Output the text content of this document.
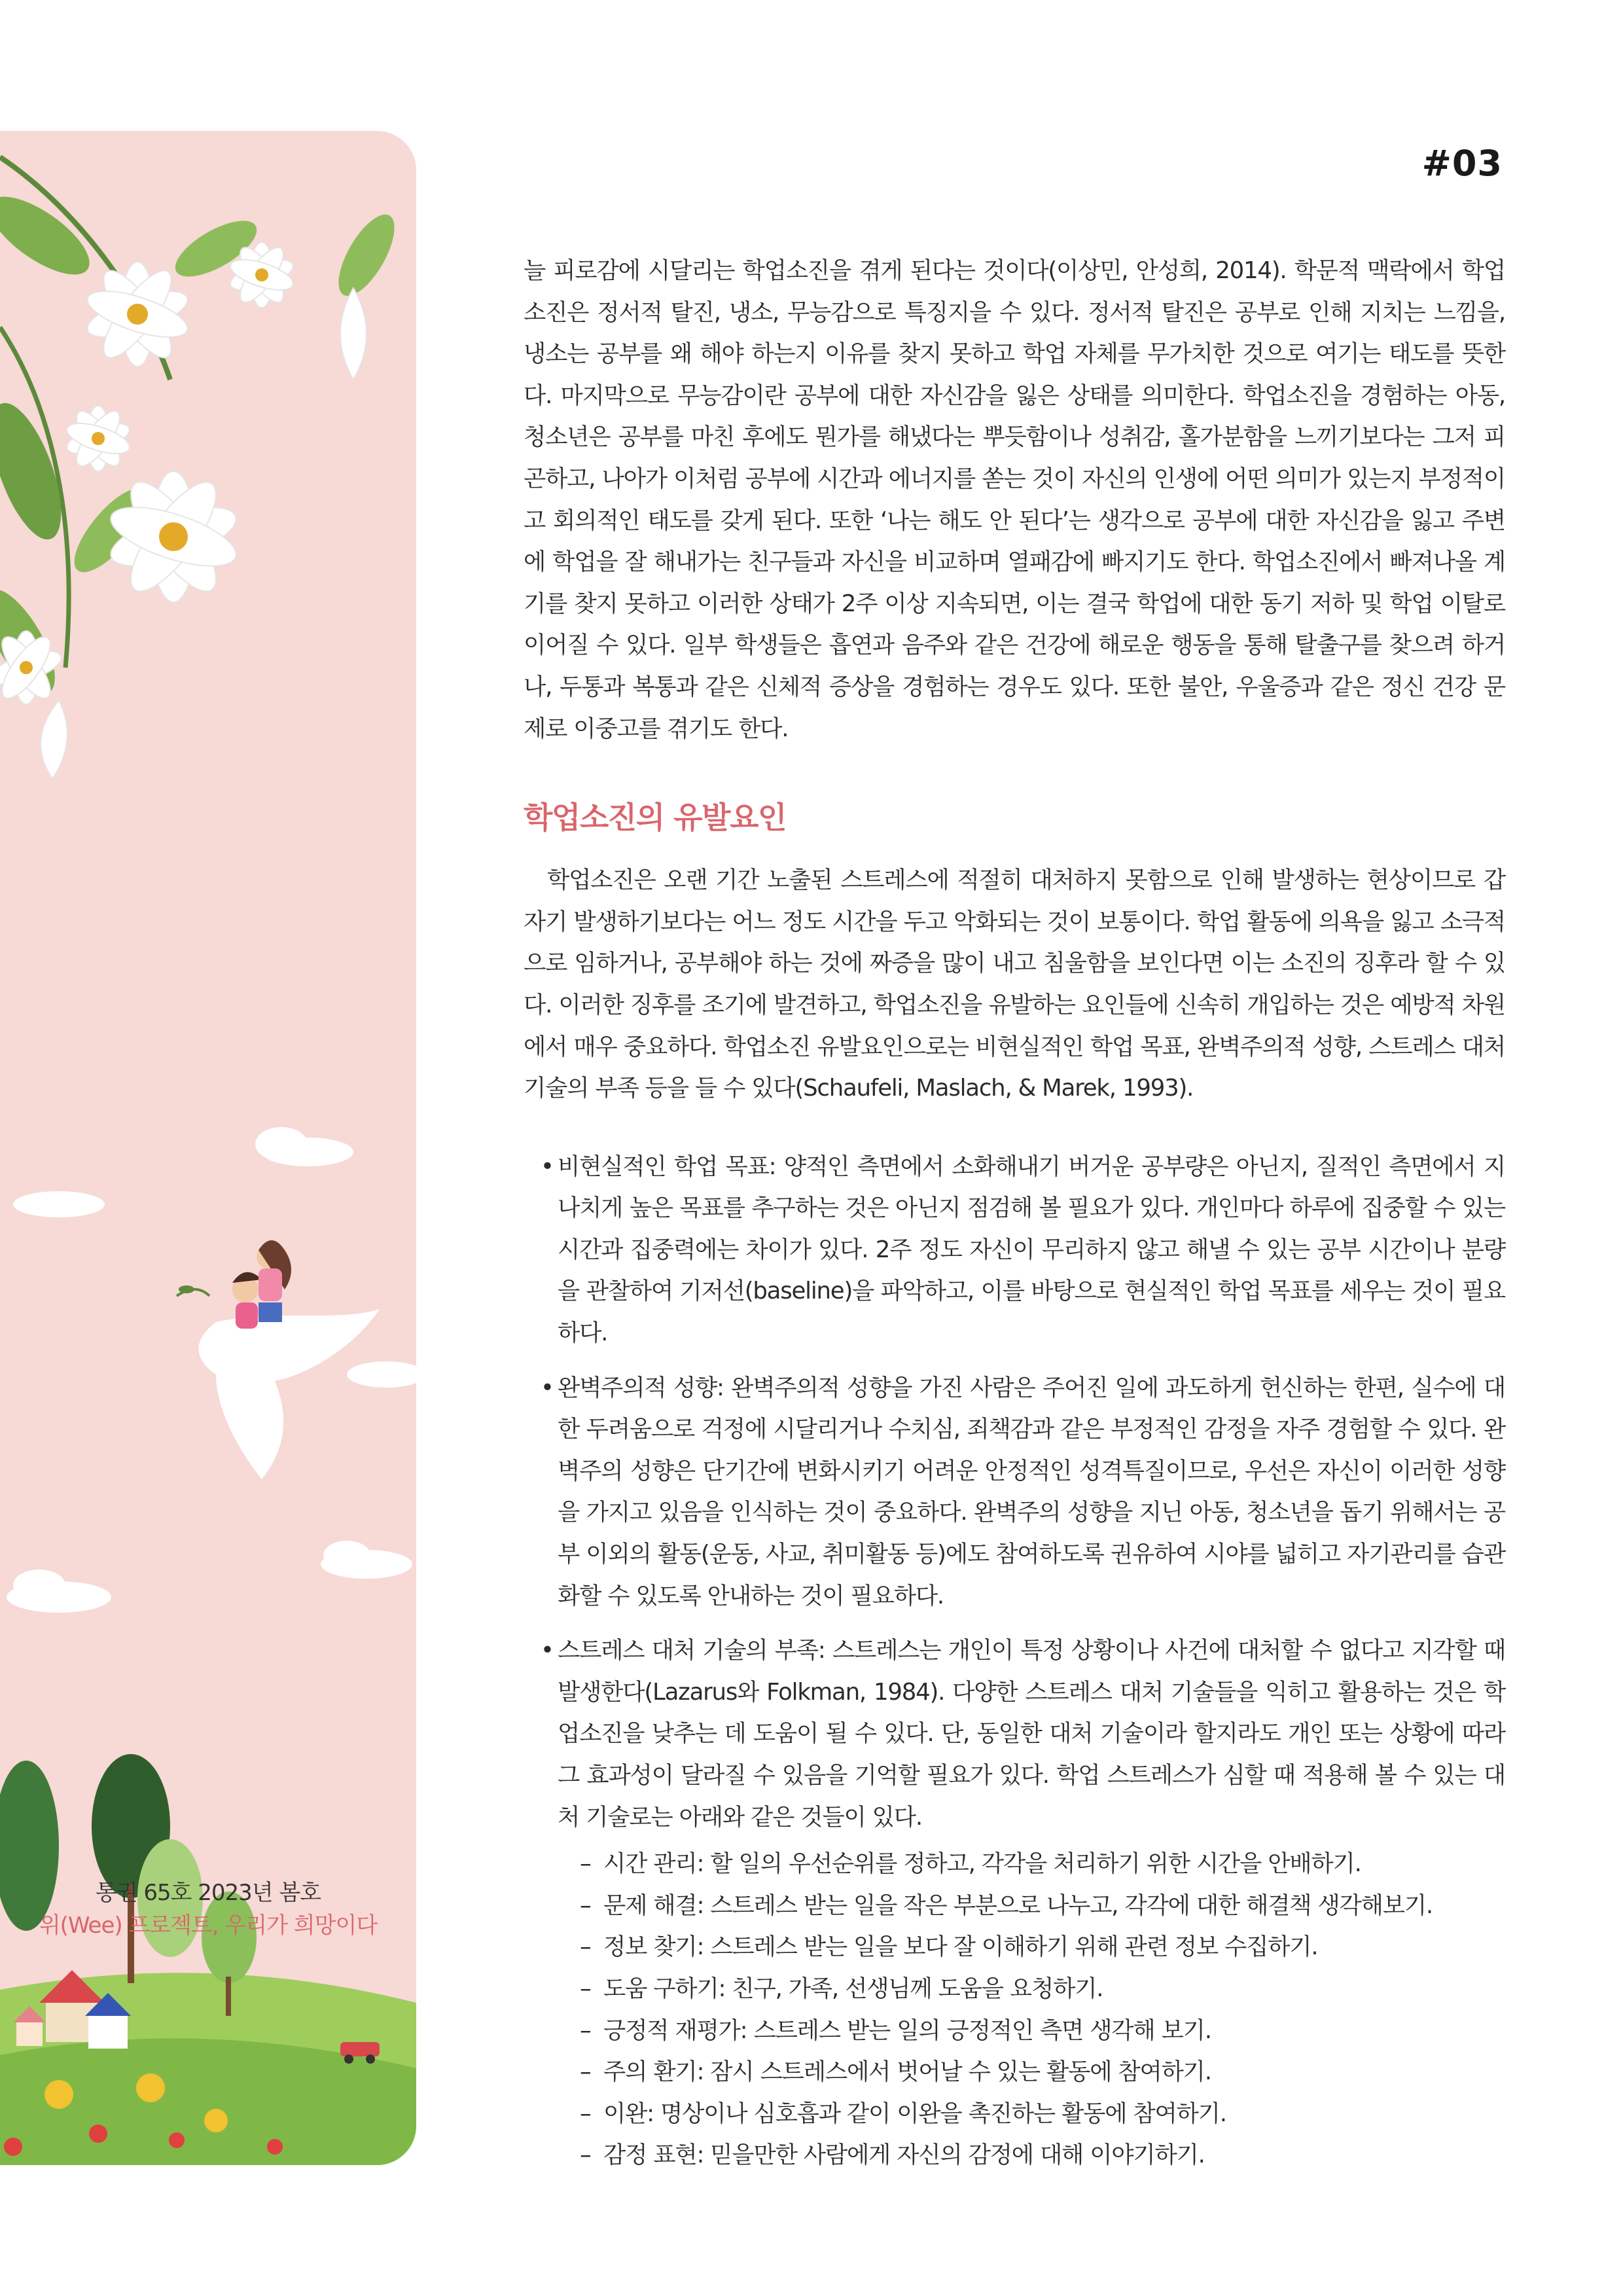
통권 65호 2023년 봄호
위(Wee) 프로젝트, 우리가 희망이다
#03

늘 피로감에 시달리는 학업소진을 겪게 된다는 것이다(이상민, 안성희, 2014). 학문적 맥락에서 학업소진은 정서적 탈진, 냉소, 무능감으로 특징지을 수 있다. 정서적 탈진은 공부로 인해 지치는 느낌을, 냉소는 공부를 왜 해야 하는지 이유를 찾지 못하고 학업 자체를 무가치한 것으로 여기는 태도를 뜻한다. 마지막으로 무능감이란 공부에 대한 자신감을 잃은 상태를 의미한다. 학업소진을 경험하는 아동, 청소년은 공부를 마친 후에도 뭔가를 해냈다는 뿌듯함이나 성취감, 홀가분함을 느끼기보다는 그저 피곤하고, 나아가 이처럼 공부에 시간과 에너지를 쏟는 것이 자신의 인생에 어떤 의미가 있는지 부정적이고 회의적인 태도를 갖게 된다. 또한 ‘나는 해도 안 된다’는 생각으로 공부에 대한 자신감을 잃고 주변에 학업을 잘 해내가는 친구들과 자신을 비교하며 열패감에 빠지기도 한다. 학업소진에서 빠져나올 계기를 찾지 못하고 이러한 상태가 2주 이상 지속되면, 이는 결국 학업에 대한 동기 저하 및 학업 이탈로 이어질 수 있다. 일부 학생들은 흡연과 음주와 같은 건강에 해로운 행동을 통해 탈출구를 찾으려 하거나, 두통과 복통과 같은 신체적 증상을 경험하는 경우도 있다. 또한 불안, 우울증과 같은 정신 건강 문제로 이중고를 겪기도 한다.

학업소진의 유발요인

학업소진은 오랜 기간 노출된 스트레스에 적절히 대처하지 못함으로 인해 발생하는 현상이므로 갑자기 발생하기보다는 어느 정도 시간을 두고 악화되는 것이 보통이다. 학업 활동에 의욕을 잃고 소극적으로 임하거나, 공부해야 하는 것에 짜증을 많이 내고 침울함을 보인다면 이는 소진의 징후라 할 수 있다. 이러한 징후를 조기에 발견하고, 학업소진을 유발하는 요인들에 신속히 개입하는 것은 예방적 차원에서 매우 중요하다. 학업소진 유발요인으로는 비현실적인 학업 목표, 완벽주의적 성향, 스트레스 대처기술의 부족 등을 들 수 있다(Schaufeli, Maslach, & Marek, 1993).

• 비현실적인 학업 목표: 양적인 측면에서 소화해내기 버거운 공부량은 아닌지, 질적인 측면에서 지나치게 높은 목표를 추구하는 것은 아닌지 점검해 볼 필요가 있다. 개인마다 하루에 집중할 수 있는 시간과 집중력에는 차이가 있다. 2주 정도 자신이 무리하지 않고 해낼 수 있는 공부 시간이나 분량을 관찰하여 기저선(baseline)을 파악하고, 이를 바탕으로 현실적인 학업 목표를 세우는 것이 필요하다.
• 완벽주의적 성향: 완벽주의적 성향을 가진 사람은 주어진 일에 과도하게 헌신하는 한편, 실수에 대한 두려움으로 걱정에 시달리거나 수치심, 죄책감과 같은 부정적인 감정을 자주 경험할 수 있다. 완벽주의 성향은 단기간에 변화시키기 어려운 안정적인 성격특질이므로, 우선은 자신이 이러한 성향을 가지고 있음을 인식하는 것이 중요하다. 완벽주의 성향을 지닌 아동, 청소년을 돕기 위해서는 공부 이외의 활동(운동, 사교, 취미활동 등)에도 참여하도록 권유하여 시야를 넓히고 자기관리를 습관화할 수 있도록 안내하는 것이 필요하다.
• 스트레스 대처 기술의 부족: 스트레스는 개인이 특정 상황이나 사건에 대처할 수 없다고 지각할 때 발생한다(Lazarus와 Folkman, 1984). 다양한 스트레스 대처 기술들을 익히고 활용하는 것은 학업소진을 낮추는 데 도움이 될 수 있다. 단, 동일한 대처 기술이라 할지라도 개인 또는 상황에 따라 그 효과성이 달라질 수 있음을 기억할 필요가 있다. 학업 스트레스가 심할 때 적용해 볼 수 있는 대처 기술로는 아래와 같은 것들이 있다.
– 시간 관리: 할 일의 우선순위를 정하고, 각각을 처리하기 위한 시간을 안배하기.
– 문제 해결: 스트레스 받는 일을 작은 부분으로 나누고, 각각에 대한 해결책 생각해보기.
– 정보 찾기: 스트레스 받는 일을 보다 잘 이해하기 위해 관련 정보 수집하기.
– 도움 구하기: 친구, 가족, 선생님께 도움을 요청하기.
– 긍정적 재평가: 스트레스 받는 일의 긍정적인 측면 생각해 보기.
– 주의 환기: 잠시 스트레스에서 벗어날 수 있는 활동에 참여하기.
– 이완: 명상이나 심호흡과 같이 이완을 촉진하는 활동에 참여하기.
– 감정 표현: 믿을만한 사람에게 자신의 감정에 대해 이야기하기.
